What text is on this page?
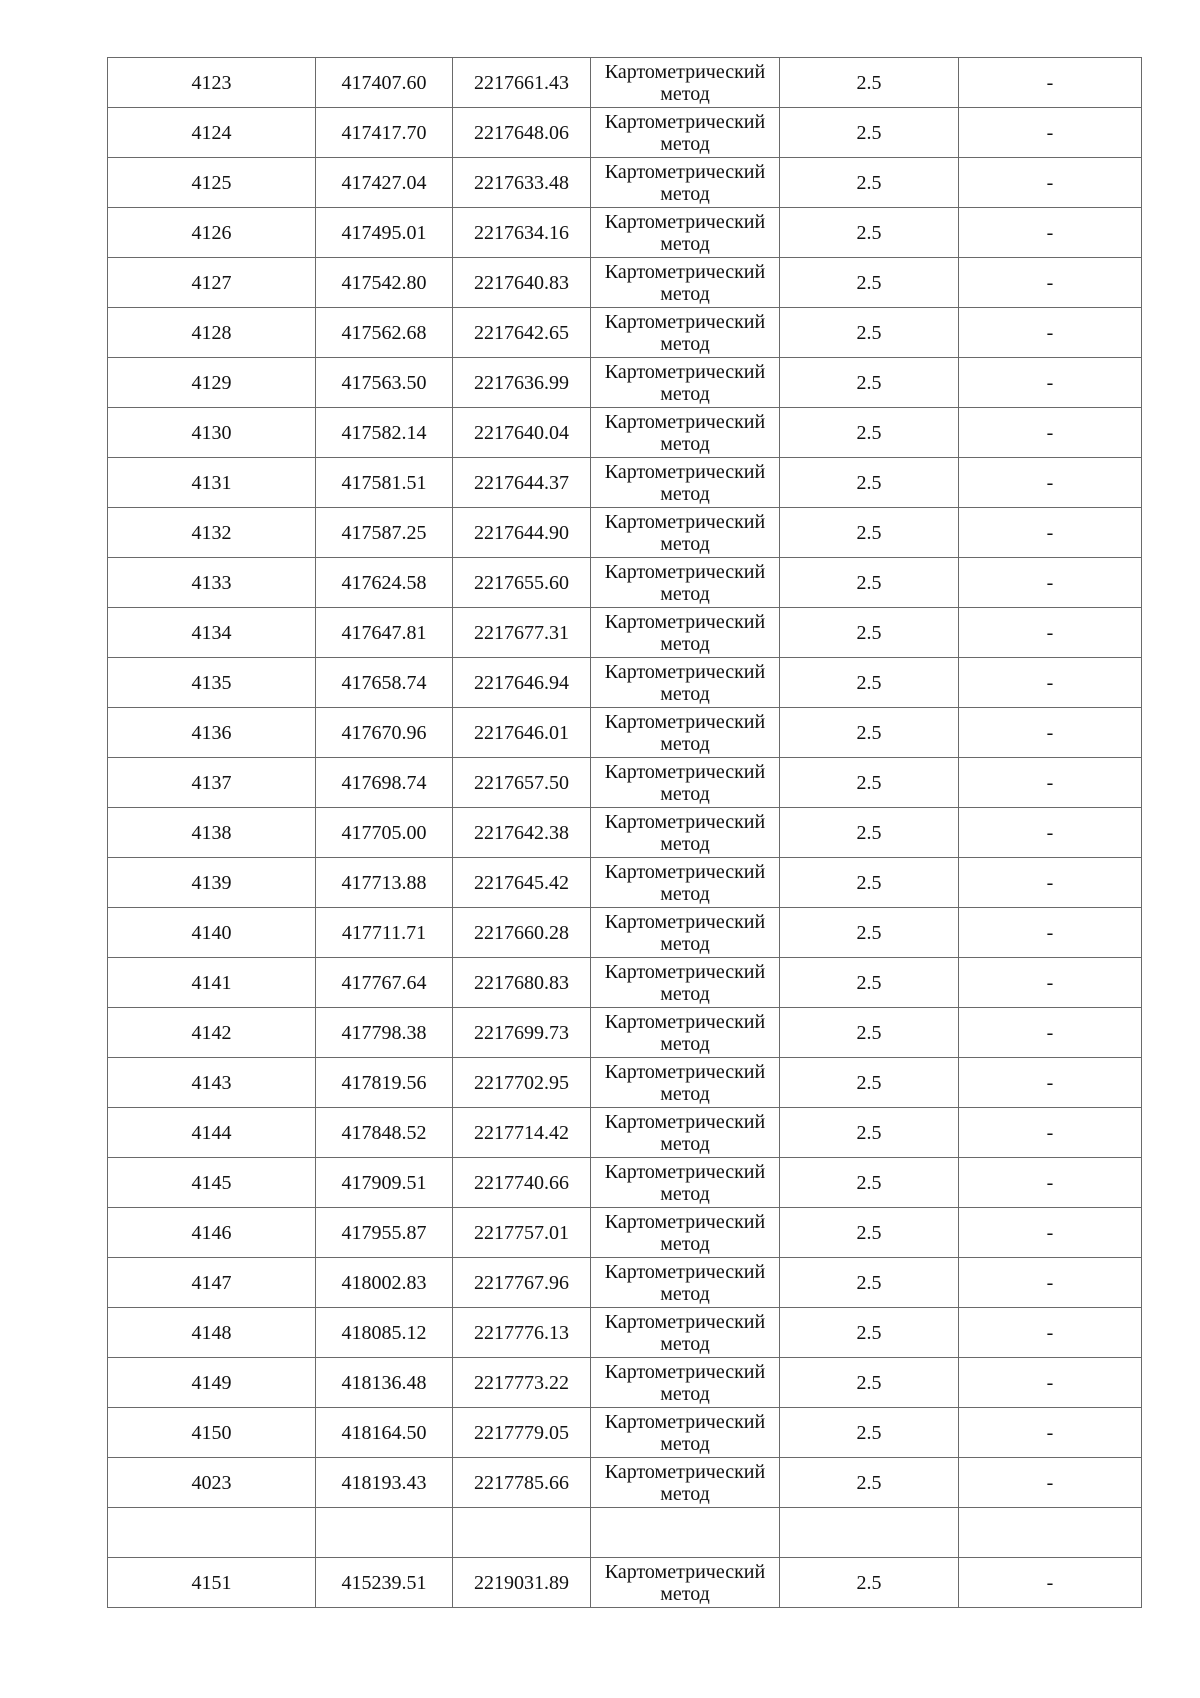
4123	417407.60	2217661.43	Картометрический
метод	2.5	-
4124	417417.70	2217648.06	Картометрический
метод	2.5	-
4125	417427.04	2217633.48	Картометрический
метод	2.5	-
4126	417495.01	2217634.16	Картометрический
метод	2.5	-
4127	417542.80	2217640.83	Картометрический
метод	2.5	-
4128	417562.68	2217642.65	Картометрический
метод	2.5	-
4129	417563.50	2217636.99	Картометрический
метод	2.5	-
4130	417582.14	2217640.04	Картометрический
метод	2.5	-
4131	417581.51	2217644.37	Картометрический
метод	2.5	-
4132	417587.25	2217644.90	Картометрический
метод	2.5	-
4133	417624.58	2217655.60	Картометрический
метод	2.5	-
4134	417647.81	2217677.31	Картометрический
метод	2.5	-
4135	417658.74	2217646.94	Картометрический
метод	2.5	-
4136	417670.96	2217646.01	Картометрический
метод	2.5	-
4137	417698.74	2217657.50	Картометрический
метод	2.5	-
4138	417705.00	2217642.38	Картометрический
метод	2.5	-
4139	417713.88	2217645.42	Картометрический
метод	2.5	-
4140	417711.71	2217660.28	Картометрический
метод	2.5	-
4141	417767.64	2217680.83	Картометрический
метод	2.5	-
4142	417798.38	2217699.73	Картометрический
метод	2.5	-
4143	417819.56	2217702.95	Картометрический
метод	2.5	-
4144	417848.52	2217714.42	Картометрический
метод	2.5	-
4145	417909.51	2217740.66	Картометрический
метод	2.5	-
4146	417955.87	2217757.01	Картометрический
метод	2.5	-
4147	418002.83	2217767.96	Картометрический
метод	2.5	-
4148	418085.12	2217776.13	Картометрический
метод	2.5	-
4149	418136.48	2217773.22	Картометрический
метод	2.5	-
4150	418164.50	2217779.05	Картометрический
метод	2.5	-
4023	418193.43	2217785.66	Картометрический
метод	2.5	-

4151	415239.51	2219031.89	Картометрический
метод	2.5	-
